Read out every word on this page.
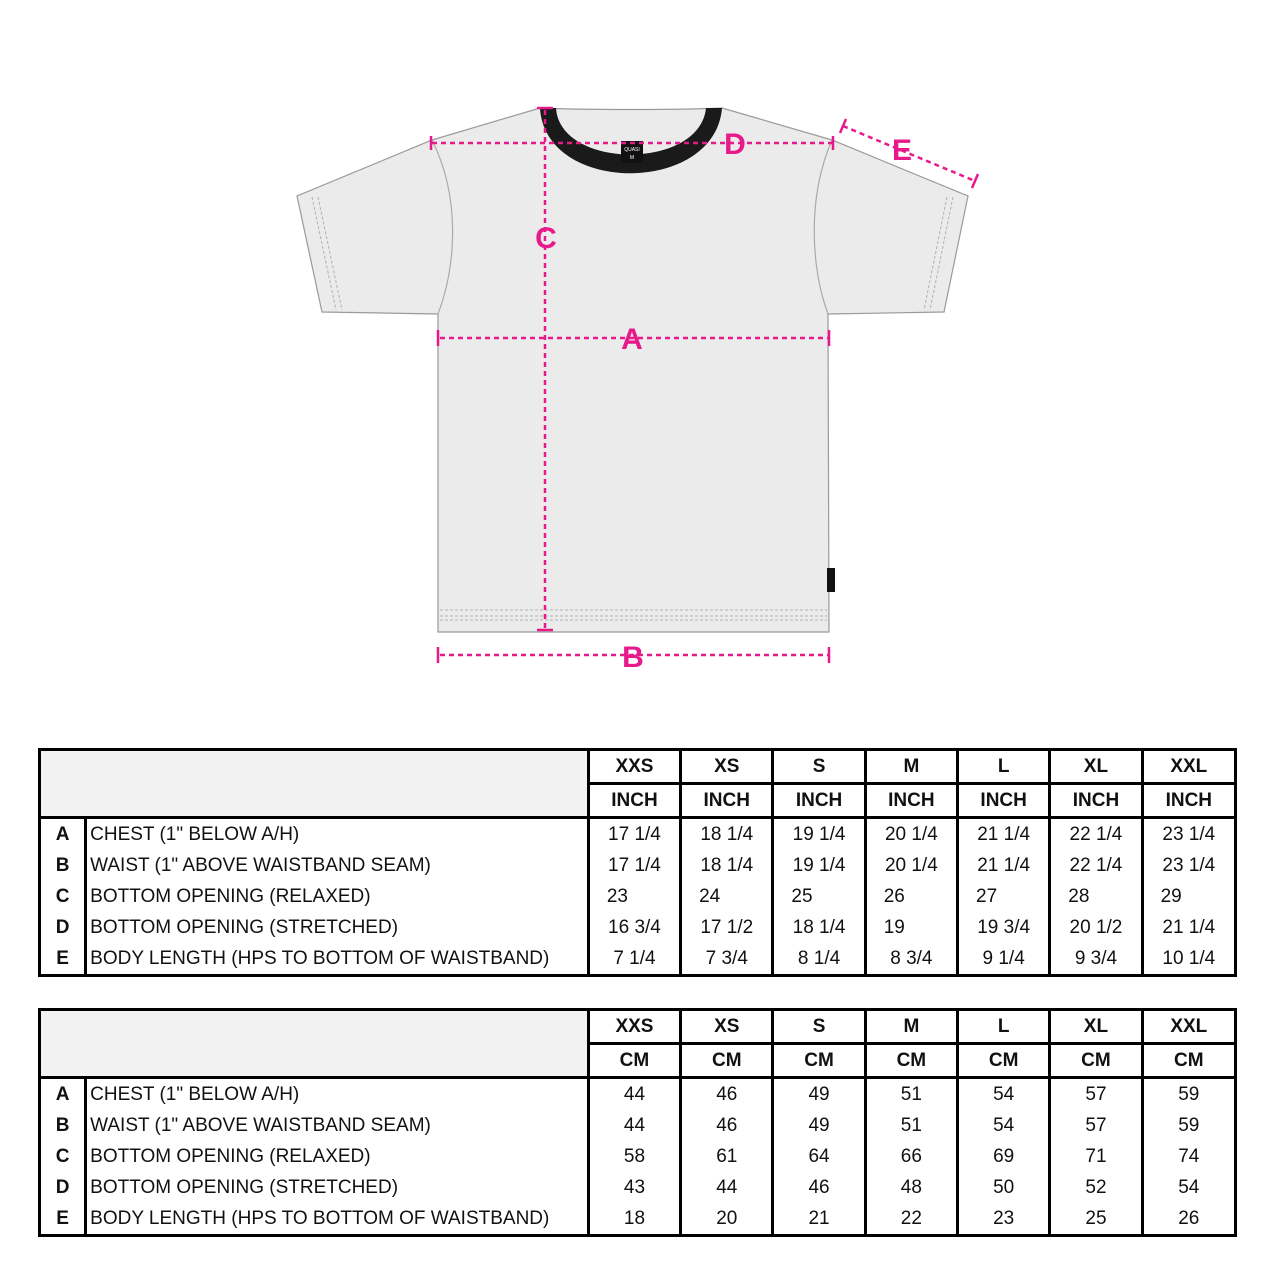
QUASI
M
A
B
C
D	E
		XXS	XS	S	M	L	XL	XXL
		INCH	INCH	INCH	INCH	INCH	INCH	INCH
A	CHEST (1" BELOW A/H)	17 1/4	18 1/4	19 1/4	20 1/4	21 1/4	22 1/4	23 1/4
B	WAIST (1" ABOVE WAISTBAND SEAM)	17 1/4	18 1/4	19 1/4	20 1/4	21 1/4	22 1/4	23 1/4
C	BOTTOM OPENING (RELAXED)	23	24	25	26	27	28	29
D	BOTTOM OPENING (STRETCHED)	16 3/4	17 1/2	18 1/4	19	19 3/4	20 1/2	21 1/4
E	BODY LENGTH (HPS TO BOTTOM OF WAISTBAND)	7 1/4	7 3/4	8 1/4	8 3/4	9 1/4	9 3/4	10 1/4
		XXS	XS	S	M	L	XL	XXL
		CM	CM	CM	CM	CM	CM	CM
A	CHEST (1" BELOW A/H)	44	46	49	51	54	57	59
B	WAIST (1" ABOVE WAISTBAND SEAM)	44	46	49	51	54	57	59
C	BOTTOM OPENING (RELAXED)	58	61	64	66	69	71	74
D	BOTTOM OPENING (STRETCHED)	43	44	46	48	50	52	54
E	BODY LENGTH (HPS TO BOTTOM OF WAISTBAND)	18	20	21	22	23	25	26
